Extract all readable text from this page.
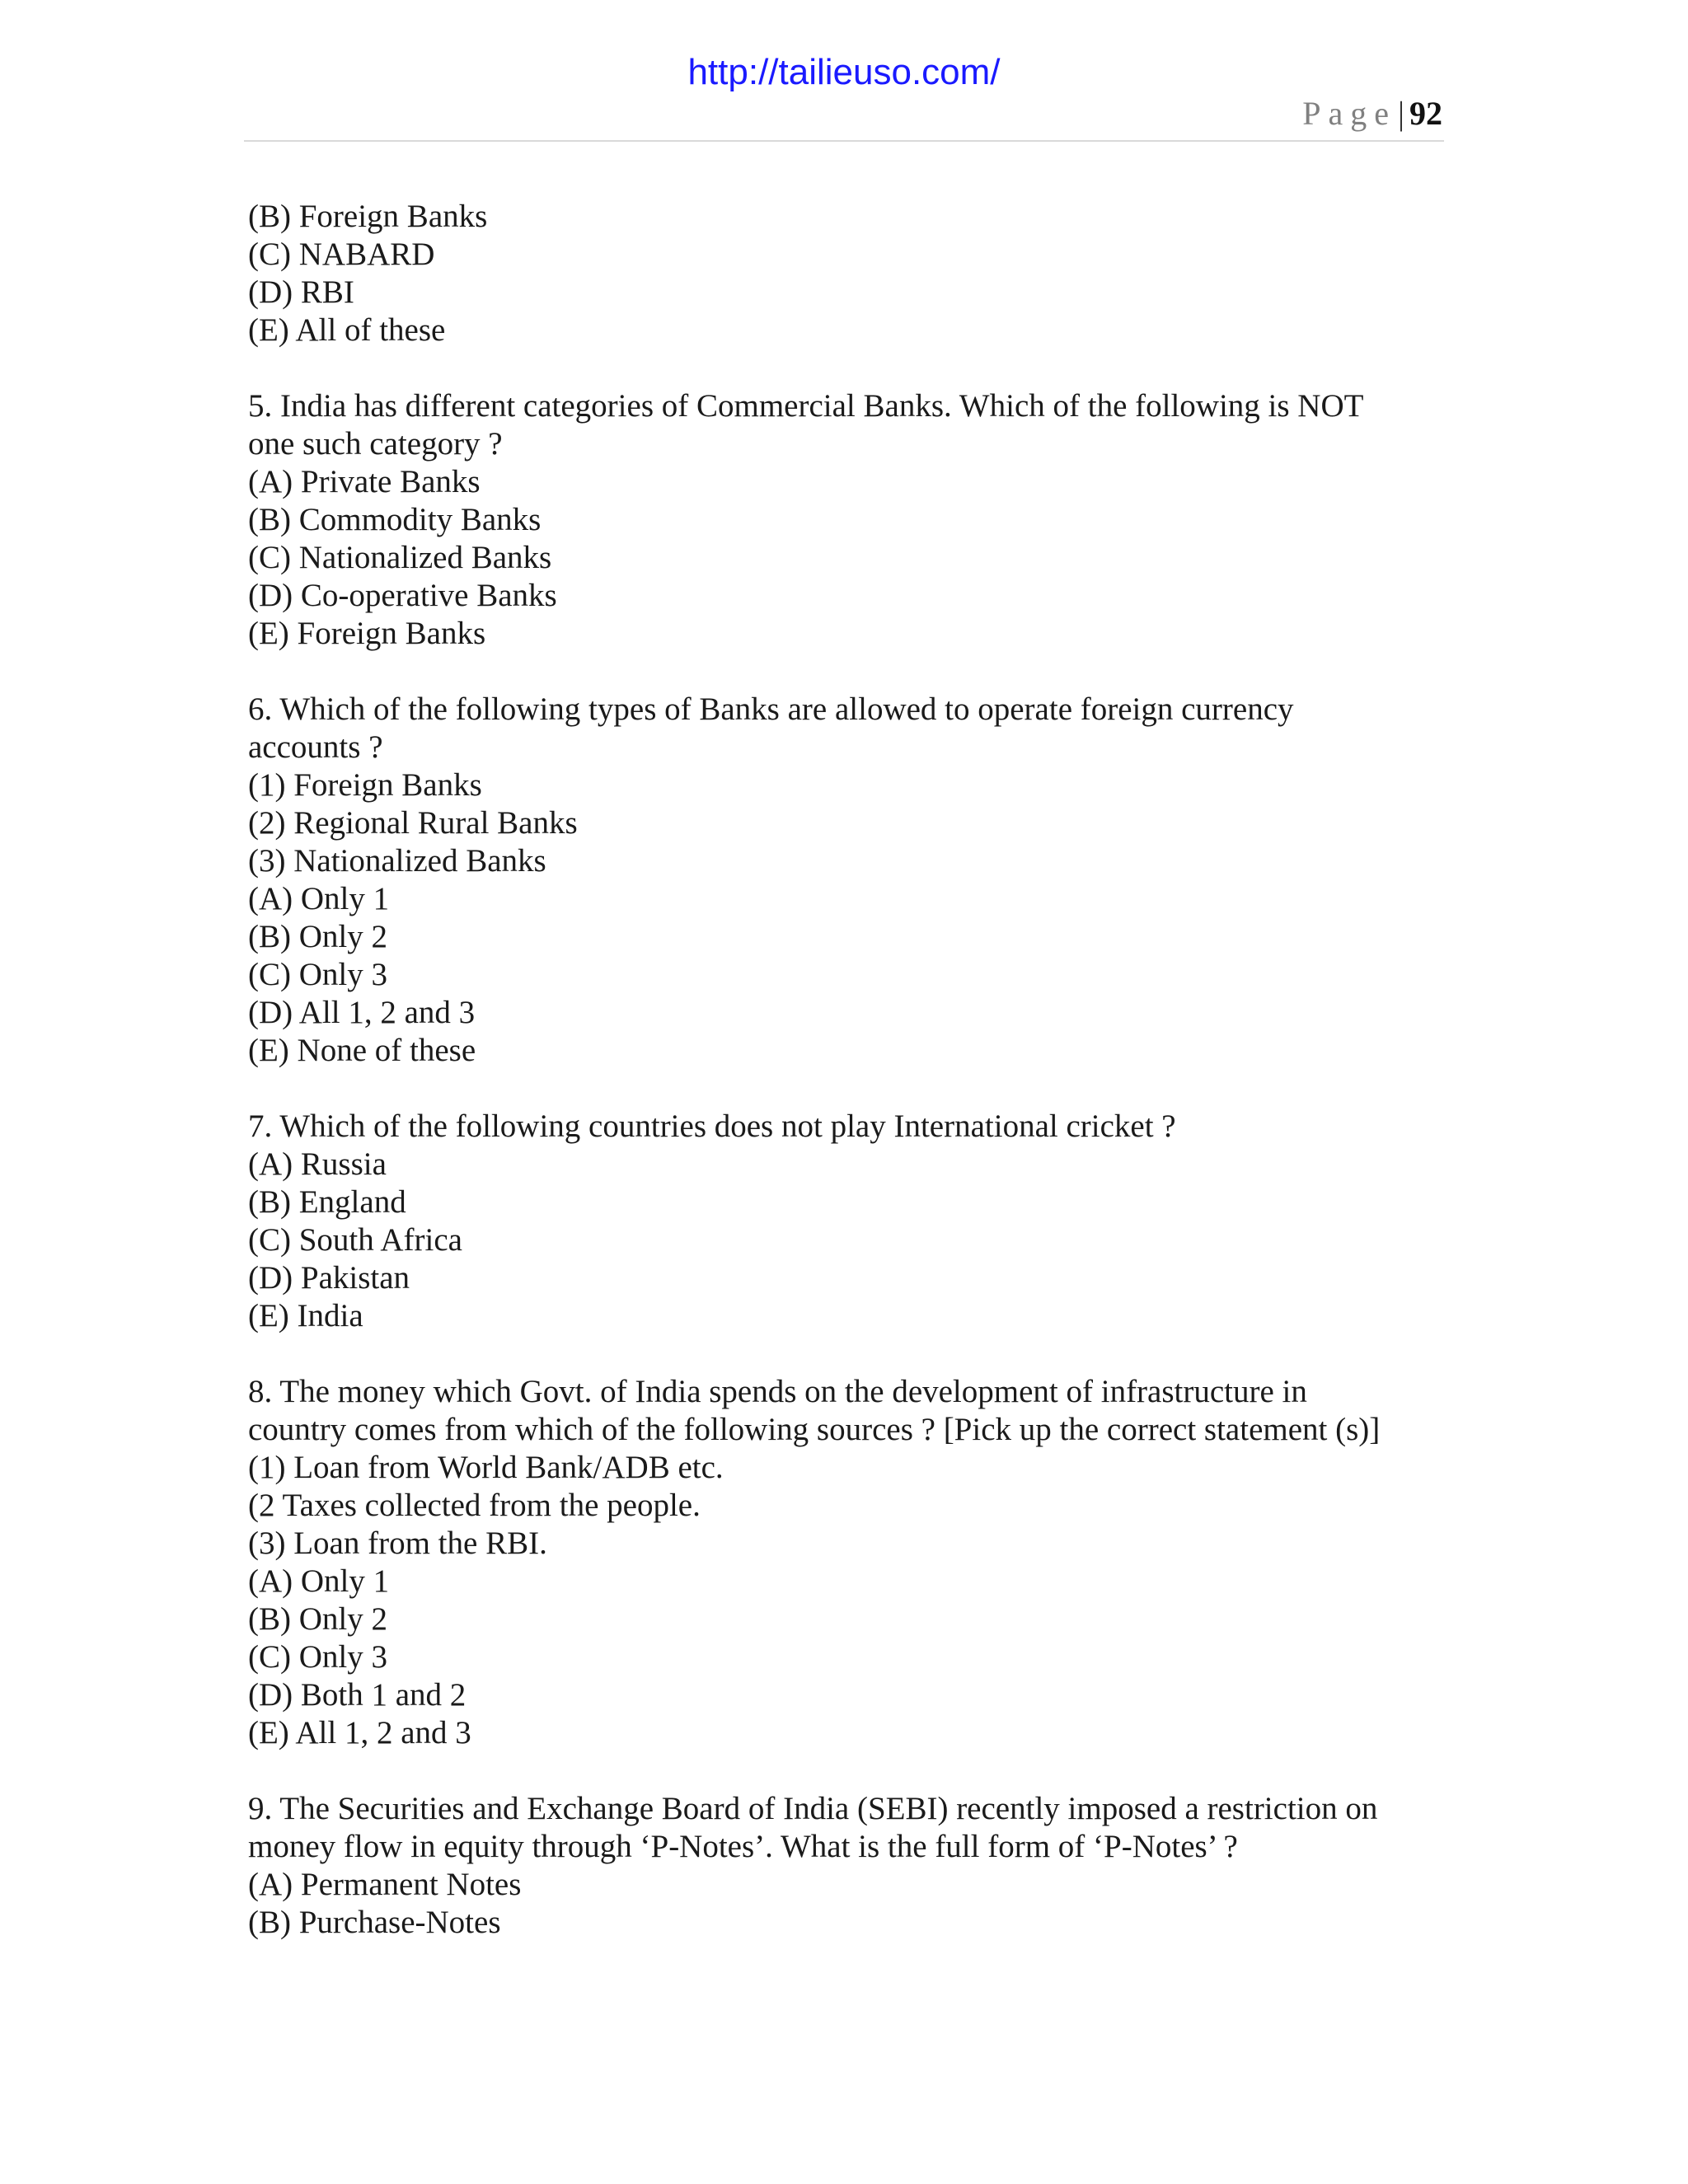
http://tailieuso.com/
Page| 92
(B) Foreign Banks
(C) NABARD
(D) RBI
(E) All of these
5. India has different categories of Commercial Banks. Which of the following is NOT
one such category ?
(A) Private Banks
(B) Commodity Banks
(C) Nationalized Banks
(D) Co-operative Banks
(E) Foreign Banks
6. Which of the following types of Banks are allowed to operate foreign currency
accounts ?
(1) Foreign Banks
(2) Regional Rural Banks
(3) Nationalized Banks
(A) Only 1
(B) Only 2
(C) Only 3
(D) All 1, 2 and 3
(E) None of these
7. Which of the following countries does not play International cricket ?
(A) Russia
(B) England
(C) South Africa
(D) Pakistan
(E) India
8. The money which Govt. of India spends on the development of infrastructure in
country comes from which of the following sources ? [Pick up the correct statement (s)]
(1) Loan from World Bank/ADB etc.
(2 Taxes collected from the people.
(3) Loan from the RBI.
(A) Only 1
(B) Only 2
(C) Only 3
(D) Both 1 and 2
(E) All 1, 2 and 3
9. The Securities and Exchange Board of India (SEBI) recently imposed a restriction on
money flow in equity through ‘P-Notes’. What is the full form of ‘P-Notes’ ?
(A) Permanent Notes
(B) Purchase-Notes
